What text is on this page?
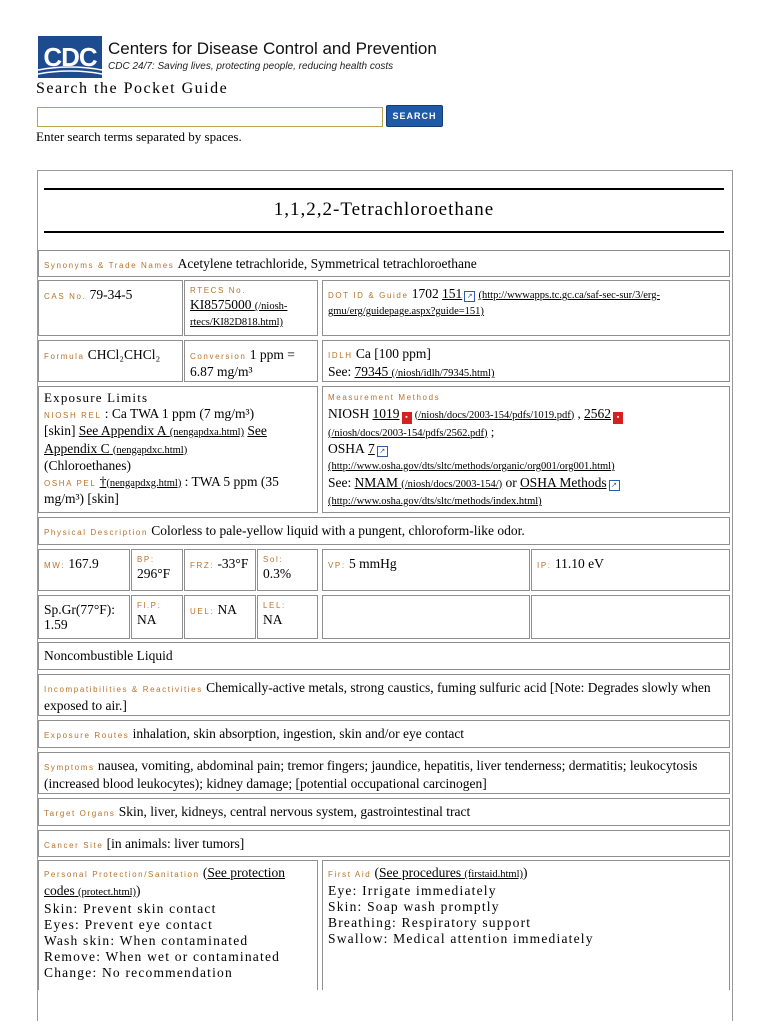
CDC Centers for Disease Control and Prevention
CDC 24/7: Saving lives, protecting people, reducing health costs
Search the Pocket Guide
SEARCH
Enter search terms separated by spaces.
1,1,2,2-Tetrachloroethane
Synonyms & Trade Names Acetylene tetrachloride, Symmetrical tetrachloroethane
CAS No. 79-34-5	RTECS No.
KI8575000 (/niosh-rtecs/KI82D818.html)
DOT ID & Guide 1702 151 ↗ (http://wwwapps.tc.gc.ca/saf-sec-sur/3/erg-gmu/erg/guidepage.aspx?guide=151)
Formula CHCl₂CHCl₂	Conversion 1 ppm = 6.87 mg/m³
IDLH Ca [100 ppm]
See: 79345 (/niosh/idlh/79345.html)
Exposure Limits
NIOSH REL : Ca TWA 1 ppm (7 mg/m³)
[skin] See Appendix A (nengapdxa.html) See Appendix C (nengapdxc.html)
(Chloroethanes)
OSHA PEL †(nengapdxg.html) : TWA 5 ppm (35 mg/m³) [skin]
Measurement Methods
NIOSH 1019 ▪ (/niosh/docs/2003-154/pdfs/1019.pdf) , 2562 ▪
(/niosh/docs/2003-154/pdfs/2562.pdf) ;
OSHA 7 ↗
(http://www.osha.gov/dts/sltc/methods/organic/org001/org001.html)
See: NMAM (/niosh/docs/2003-154/) or OSHA Methods ↗
(http://www.osha.gov/dts/sltc/methods/index.html)
Physical Description Colorless to pale-yellow liquid with a pungent, chloroform-like odor.
MW: 167.9	BP:
296°F
FRZ: -33°F	Sol:
0.3%
VP: 5 mmHg	IP: 11.10 eV
Sp.Gr(77°F): 1.59
Fl.P:
NA
UEL: NA	LEL:
NA
Noncombustible Liquid
Incompatibilities & Reactivities Chemically-active metals, strong caustics, fuming sulfuric acid [Note: Degrades slowly when exposed to air.]
Exposure Routes inhalation, skin absorption, ingestion, skin and/or eye contact
Symptoms nausea, vomiting, abdominal pain; tremor fingers; jaundice, hepatitis, liver tenderness; dermatitis; leukocytosis (increased blood leukocytes); kidney damage; [potential occupational carcinogen]
Target Organs Skin, liver, kidneys, central nervous system, gastrointestinal tract
Cancer Site [in animals: liver tumors]
Personal Protection/Sanitation (See protection codes (protect.html))
Skin: Prevent skin contact
Eyes: Prevent eye contact
Wash skin: When contaminated
Remove: When wet or contaminated
Change: No recommendation
First Aid (See procedures (firstaid.html))
Eye: Irrigate immediately
Skin: Soap wash promptly
Breathing: Respiratory support
Swallow: Medical attention immediately
